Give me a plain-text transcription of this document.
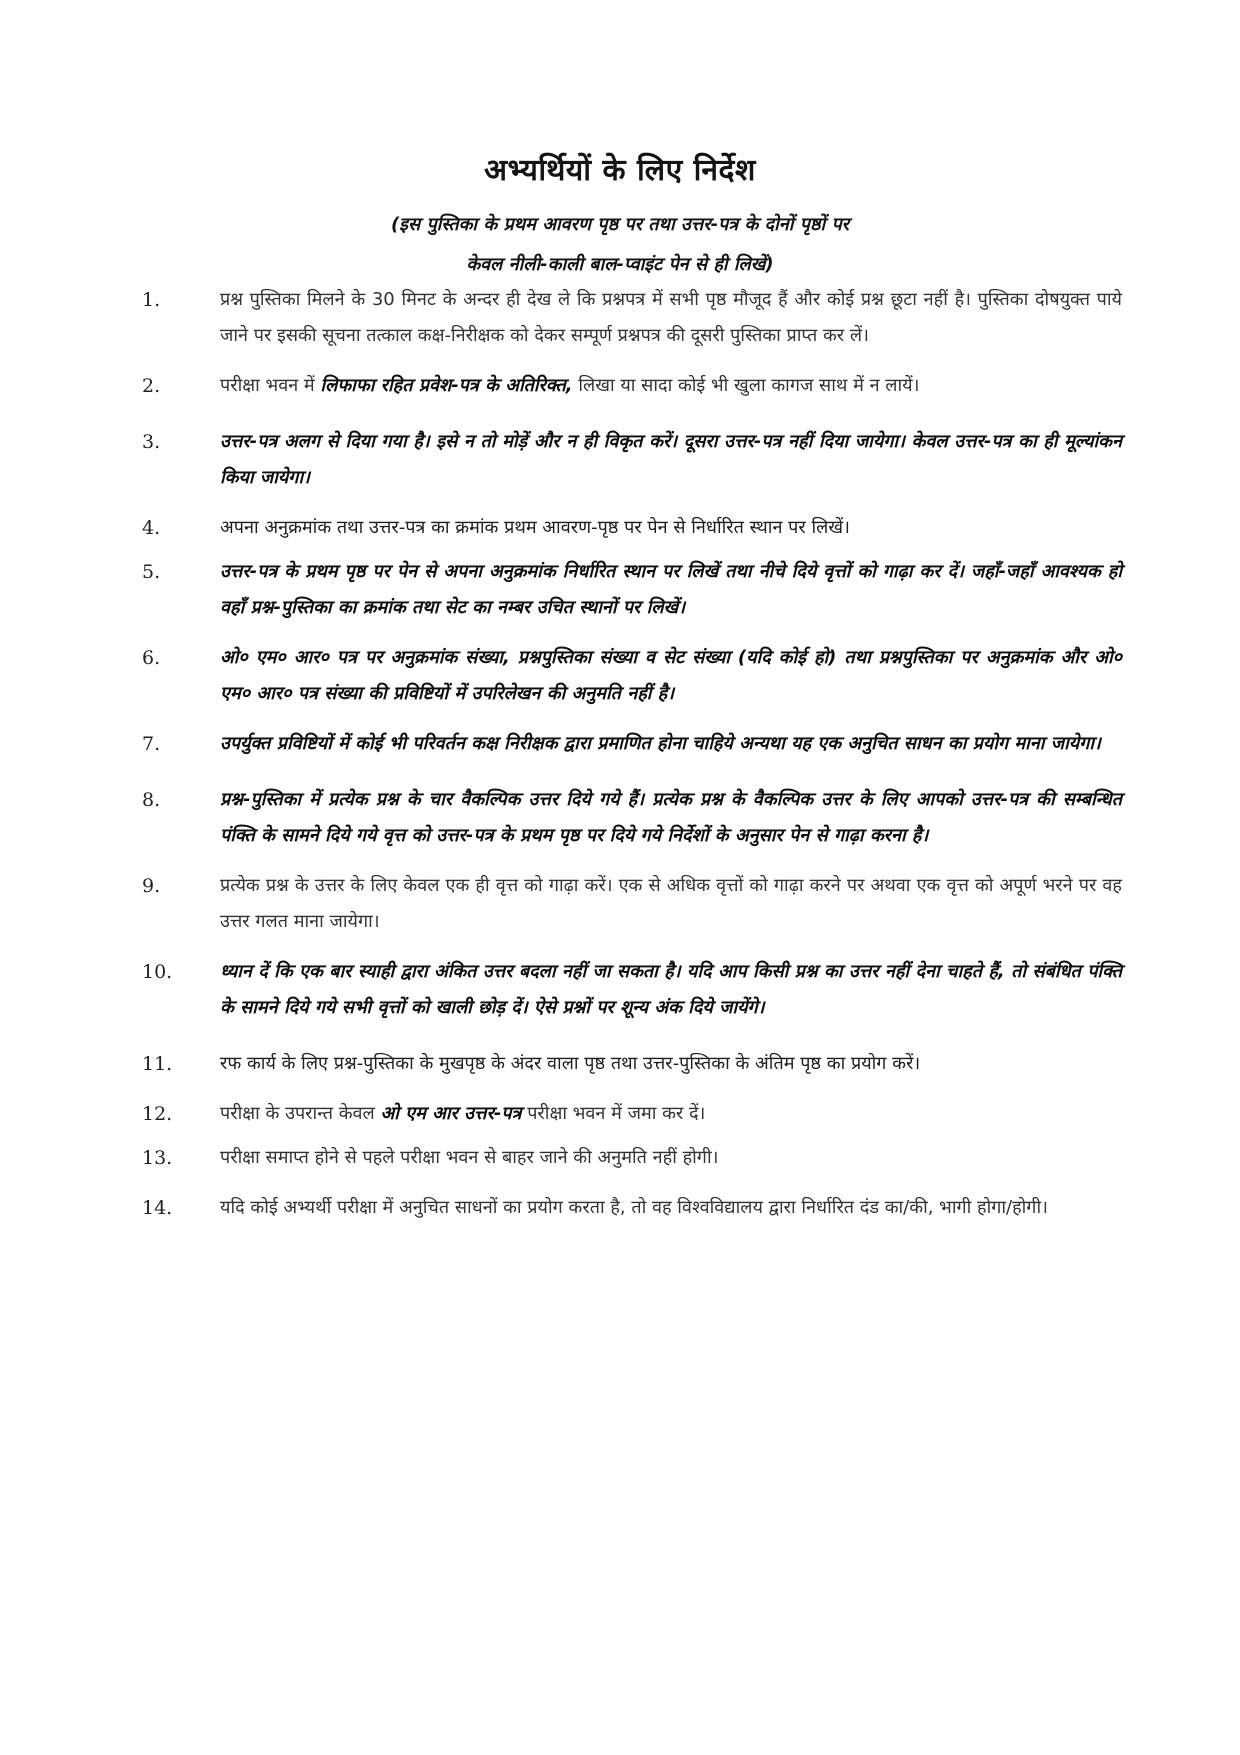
अभ्यर्थियों के लिए निर्देश
(इस पुस्तिका के प्रथम आवरण पृष्ठ पर तथा उत्तर-पत्र के दोनों पृष्ठों पर
केवल नीली-काली बाल-प्वाइंट पेन से ही लिखें)
1.	प्रश्न पुस्तिका मिलने के 30 मिनट के अन्दर ही देख ले कि प्रश्नपत्र में सभी पृष्ठ मौजूद हैं और कोई प्रश्न छूटा नहीं है। पुस्तिका दोषयुक्त पाये जाने पर इसकी सूचना तत्काल कक्ष-निरीक्षक को देकर सम्पूर्ण प्रश्नपत्र की दूसरी पुस्तिका प्राप्त कर लें।
2.	परीक्षा भवन में लिफाफा रहित प्रवेश-पत्र के अतिरिक्त, लिखा या सादा कोई भी खुला कागज साथ में न लायें।
3.	उत्तर-पत्र अलग से दिया गया है। इसे न तो मोड़ें और न ही विकृत करें। दूसरा उत्तर-पत्र नहीं दिया जायेगा। केवल उत्तर-पत्र का ही मूल्यांकन किया जायेगा।
4.	अपना अनुक्रमांक तथा उत्तर-पत्र का क्रमांक प्रथम आवरण-पृष्ठ पर पेन से निर्धारित स्थान पर लिखें।
5.	उत्तर-पत्र के प्रथम पृष्ठ पर पेन से अपना अनुक्रमांक निर्धारित स्थान पर लिखें तथा नीचे दिये वृत्तों को गाढ़ा कर दें। जहाँ-जहाँ आवश्यक हो वहाँ प्रश्न-पुस्तिका का क्रमांक तथा सेट का नम्बर उचित स्थानों पर लिखें।
6.	ओ० एम० आर० पत्र पर अनुक्रमांक संख्या, प्रश्नपुस्तिका संख्या व सेट संख्या (यदि कोई हो) तथा प्रश्नपुस्तिका पर अनुक्रमांक और ओ० एम० आर० पत्र संख्या की प्रविष्टियों में उपरिलेखन की अनुमति नहीं है।
7.	उपर्युक्त प्रविष्टियों में कोई भी परिवर्तन कक्ष निरीक्षक द्वारा प्रमाणित होना चाहिये अन्यथा यह एक अनुचित साधन का प्रयोग माना जायेगा।
8.	प्रश्न-पुस्तिका में प्रत्येक प्रश्न के चार वैकल्पिक उत्तर दिये गये हैं। प्रत्येक प्रश्न के वैकल्पिक उत्तर के लिए आपको उत्तर-पत्र की सम्बन्धित पंक्ति के सामने दिये गये वृत्त को उत्तर-पत्र के प्रथम पृष्ठ पर दिये गये निर्देशों के अनुसार पेन से गाढ़ा करना है।
9.	प्रत्येक प्रश्न के उत्तर के लिए केवल एक ही वृत्त को गाढ़ा करें। एक से अधिक वृत्तों को गाढ़ा करने पर अथवा एक वृत्त को अपूर्ण भरने पर वह उत्तर गलत माना जायेगा।
10.	ध्यान दें कि एक बार स्याही द्वारा अंकित उत्तर बदला नहीं जा सकता है। यदि आप किसी प्रश्न का उत्तर नहीं देना चाहते हैं, तो संबंधित पंक्ति के सामने दिये गये सभी वृत्तों को खाली छोड़ दें। ऐसे प्रश्नों पर शून्य अंक दिये जायेंगे।
11.	रफ कार्य के लिए प्रश्न-पुस्तिका के मुखपृष्ठ के अंदर वाला पृष्ठ तथा उत्तर-पुस्तिका के अंतिम पृष्ठ का प्रयोग करें।
12.	परीक्षा के उपरान्त केवल ओ एम आर उत्तर-पत्र परीक्षा भवन में जमा कर दें।
13.	परीक्षा समाप्त होने से पहले परीक्षा भवन से बाहर जाने की अनुमति नहीं होगी।
14.	यदि कोई अभ्यर्थी परीक्षा में अनुचित साधनों का प्रयोग करता है, तो वह विश्वविद्यालय द्वारा निर्धारित दंड का/की, भागी होगा/होगी।
